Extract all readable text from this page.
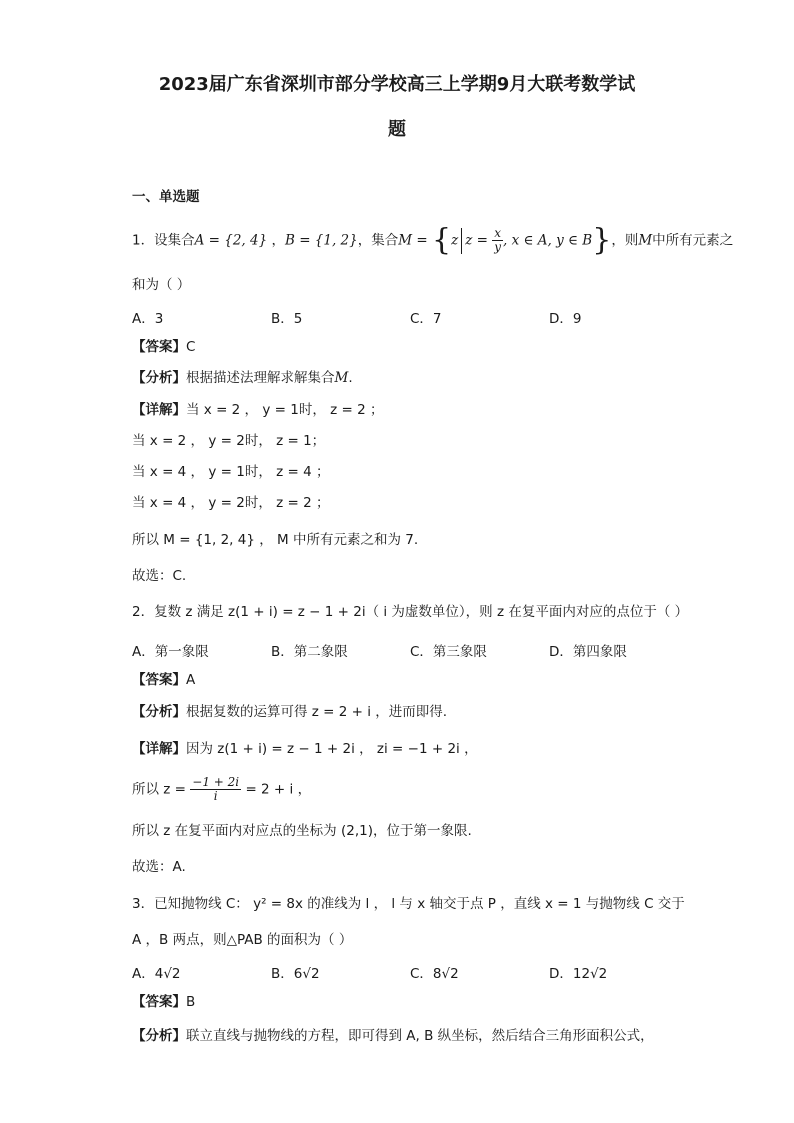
2023届广东省深圳市部分学校高三上学期9月大联考数学试
题
一、单选题
1．设集合A = {2, 4} ，B = {1, 2}，集合M = {z $z = \frac{x}{y}$ , x ∈ A, y ∈ B}，则M中所有元素之
和为（ ）
A．3	B．5	C．7	D．9
【答案】C
【分析】根据描述法理解求解集合M.
【详解】当 x = 2 ， y = 1时， z = 2 ；
当 x = 2 ， y = 2时， z = 1；
当 x = 4 ， y = 1时， z = 4 ；
当 x = 4 ， y = 2时， z = 2 ；
所以 M = {1, 2, 4} ， M 中所有元素之和为 7.
故选：C.
2．复数 z 满足 z(1 + i) = z − 1 + 2i（ i 为虚数单位），则 z 在复平面内对应的点位于（ ）
A．第一象限	B．第二象限	C．第三象限	D．第四象限
【答案】A
【分析】根据复数的运算可得 z = 2 + i ，进而即得.
【详解】因为 z(1 + i) = z − 1 + 2i ， zi = −1 + 2i ，
所以 $z = \frac{-1 + 2i}{i} = 2 + i$ ，
所以 z 在复平面内对应点的坐标为 (2,1)，位于第一象限.
故选：A.
3．已知抛物线 C： y² = 8x 的准线为 l ， l 与 x 轴交于点 P ，直线 x = 1 与抛物线 C 交于
A ，B 两点，则△PAB 的面积为（ ）
A．4√2	B．6√2	C．8√2	D．12√2
【答案】B
【分析】联立直线与抛物线的方程，即可得到 A, B 纵坐标，然后结合三角形面积公式，
